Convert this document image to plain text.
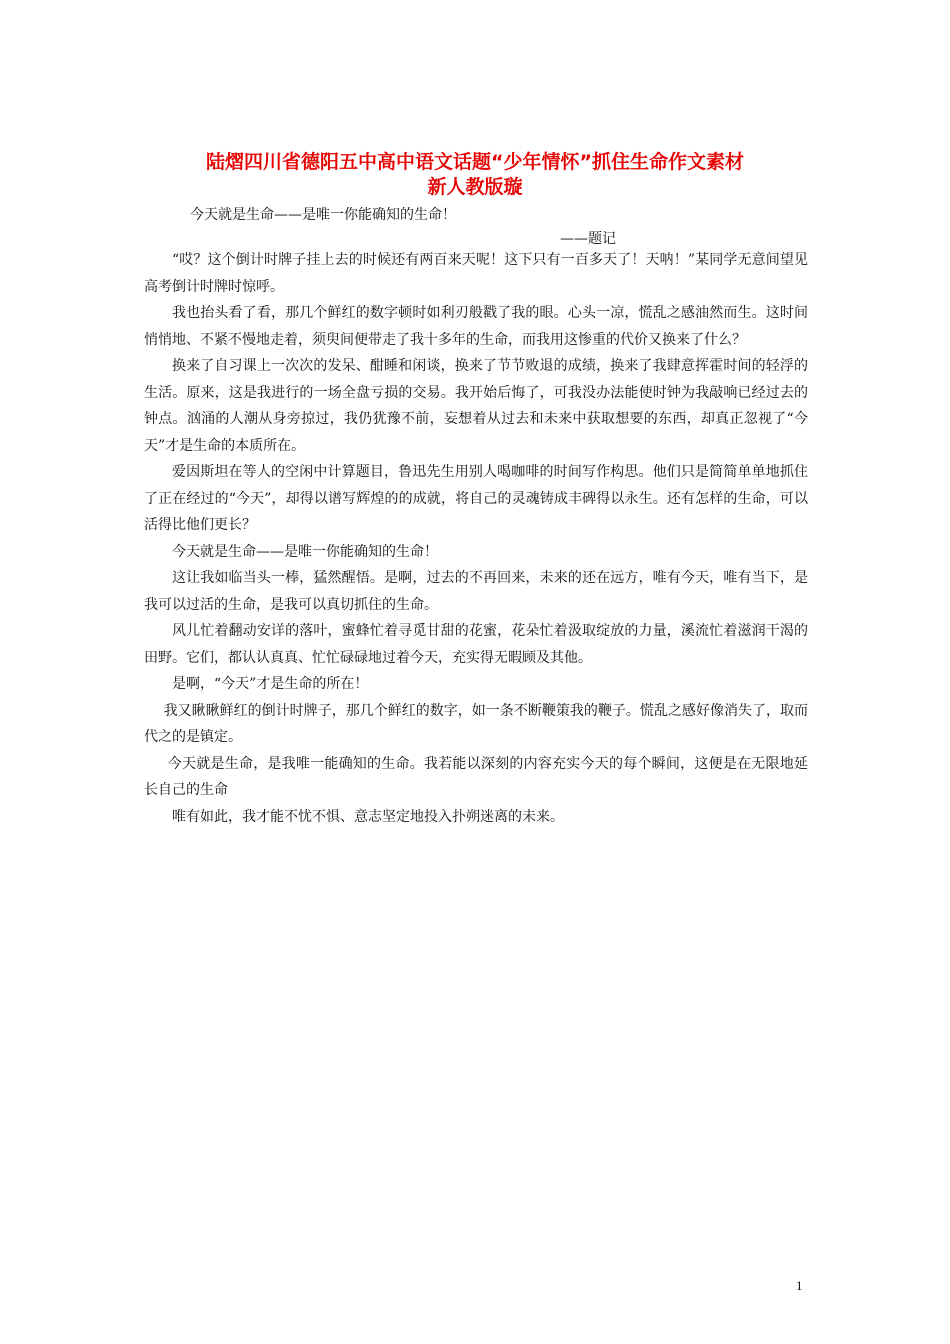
陆熠四川省德阳五中高中语文话题“少年情怀”抓住生命作文素材
新人教版璇

今天就是生命——是唯一你能确知的生命！

——题记

“哎？这个倒计时牌子挂上去的时候还有两百来天呢！这下只有一百多天了！天呐！”某同学无意间望见高考倒计时牌时惊呼。

我也抬头看了看，那几个鲜红的数字顿时如利刃般戳了我的眼。心头一凉，慌乱之感油然而生。这时间悄悄地、不紧不慢地走着，须臾间便带走了我十多年的生命，而我用这惨重的代价又换来了什么？

换来了自习课上一次次的发呆、酣睡和闲谈，换来了节节败退的成绩，换来了我肆意挥霍时间的轻浮的生活。原来，这是我进行的一场全盘亏损的交易。我开始后悔了，可我没办法能使时钟为我敲响已经过去的钟点。汹涌的人潮从身旁掠过，我仍犹豫不前，妄想着从过去和未来中获取想要的东西，却真正忽视了“今天”才是生命的本质所在。

爱因斯坦在等人的空闲中计算题目，鲁迅先生用别人喝咖啡的时间写作构思。他们只是简简单单地抓住了正在经过的“今天”，却得以谱写辉煌的的成就，将自己的灵魂铸成丰碑得以永生。还有怎样的生命，可以活得比他们更长？

今天就是生命——是唯一你能确知的生命！

这让我如临当头一棒，猛然醒悟。是啊，过去的不再回来，未来的还在远方，唯有今天，唯有当下，是我可以过活的生命，是我可以真切抓住的生命。

风儿忙着翻动安详的落叶，蜜蜂忙着寻觅甘甜的花蜜，花朵忙着汲取绽放的力量，溪流忙着滋润干渴的田野。它们，都认认真真、忙忙碌碌地过着今天，充实得无暇顾及其他。

是啊，“今天”才是生命的所在！

我又瞅瞅鲜红的倒计时牌子，那几个鲜红的数字，如一条不断鞭策我的鞭子。慌乱之感好像消失了，取而代之的是镇定。

今天就是生命，是我唯一能确知的生命。我若能以深刻的内容充实今天的每个瞬间，这便是在无限地延长自己的生命

唯有如此，我才能不忧不惧、意志坚定地投入扑朔迷离的未来。

1
